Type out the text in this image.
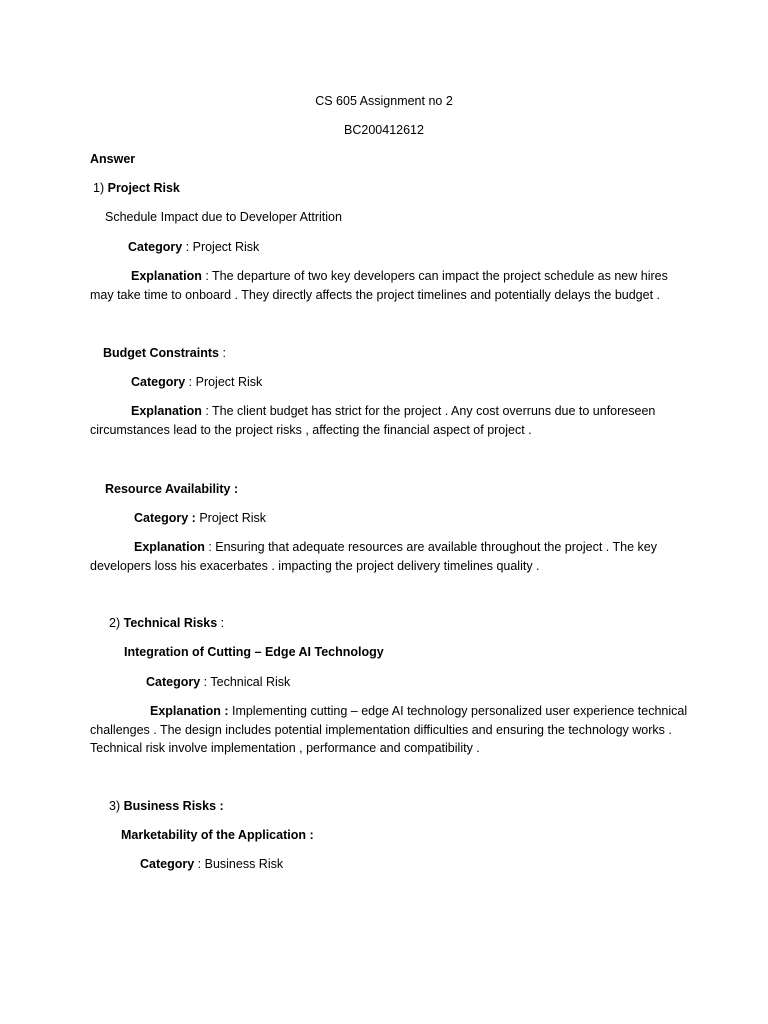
CS 605 Assignment no 2
BC200412612
Answer
1) Project Risk
Schedule Impact due to Developer Attrition
Category : Project Risk
Explanation : The departure of two key developers can impact the project schedule as new hires may take time to onboard . They directly affects the project timelines and potentially delays the budget .
Budget Constraints :
Category : Project Risk
Explanation : The client budget has strict for the project . Any cost overruns due to unforeseen circumstances lead to the project risks , affecting the financial aspect of project .
Resource Availability :
Category : Project Risk
Explanation : Ensuring that adequate resources are available throughout the project . The key developers loss his exacerbates . impacting the project delivery timelines quality .
2) Technical Risks :
Integration of Cutting – Edge AI Technology
Category : Technical Risk
Explanation : Implementing cutting – edge AI technology personalized user experience technical challenges . The design includes potential implementation difficulties and ensuring the technology works . Technical risk involve implementation , performance and compatibility .
3) Business Risks :
Marketability of the Application :
Category : Business Risk
